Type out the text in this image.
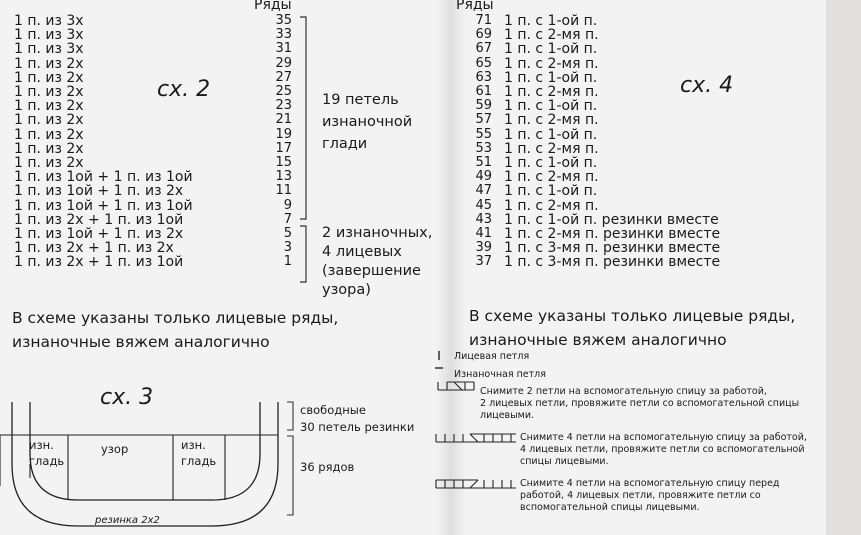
Ряды
сх. 2
1 п. из 3х
1 п. из 3х
1 п. из 3х
1 п. из 2х
1 п. из 2х
1 п. из 2х
1 п. из 2х
1 п. из 2х
1 п. из 2х
1 п. из 2х
1 п. из 2х
1 п. из 1ой + 1 п. из 1ой
1 п. из 1ой + 1 п. из 2х
1 п. из 1ой + 1 п. из 1ой
1 п. из 2х + 1 п. из 1ой
1 п. из 1ой + 1 п. из 2х
1 п. из 2х + 1 п. из 2х
1 п. из 2х + 1 п. из 1ой
35
33
31
29
27
25
23
21
19
17
15
13
11
9
7
5
3
1
19 петель
изнаночной
глади
2 изнаночных,
4 лицевых
(завершение
узора)
В схеме указаны только лицевые ряды,
изнаночные вяжем аналогично
сх. 3
изн.
гладь
узор	изн.
гладь
резинка 2х2
свободные
30 петель резинки
36 рядов
Ряды
сх. 4
71 1 п. с 1-ой п.
69 1 п. с 2-мя п.
67 1 п. с 1-ой п.
65 1 п. с 2-мя п.
63 1 п. с 1-ой п.
61 1 п. с 2-мя п.
59 1 п. с 1-ой п.
57 1 п. с 2-мя п.
55 1 п. с 1-ой п.
53 1 п. с 2-мя п.
51 1 п. с 1-ой п.
49 1 п. с 2-мя п.
47 1 п. с 1-ой п.
45 1 п. с 2-мя п.
43 1 п. с 1-ой п. резинки вместе
41 1 п. с 2-мя п. резинки вместе
39 1 п. с 3-мя п. резинки вместе
37 1 п. с 3-мя п. резинки вместе
В схеме указаны только лицевые ряды,
изнаночные вяжем аналогично
Лицевая петля
Изнаночная петля
Снимите 2 петли на вспомогательную спицу за работой,
2 лицевых петли, провяжите петли со вспомогательной спицы
лицевыми.
Снимите 4 петли на вспомогательную спицу за работой,
4 лицевых петли, провяжите петли со вспомогательной
спицы лицевыми.
Снимите 4 петли на вспомогательную спицу перед
работой, 4 лицевых петли, провяжите петли со
вспомогательной спицы лицевыми.
